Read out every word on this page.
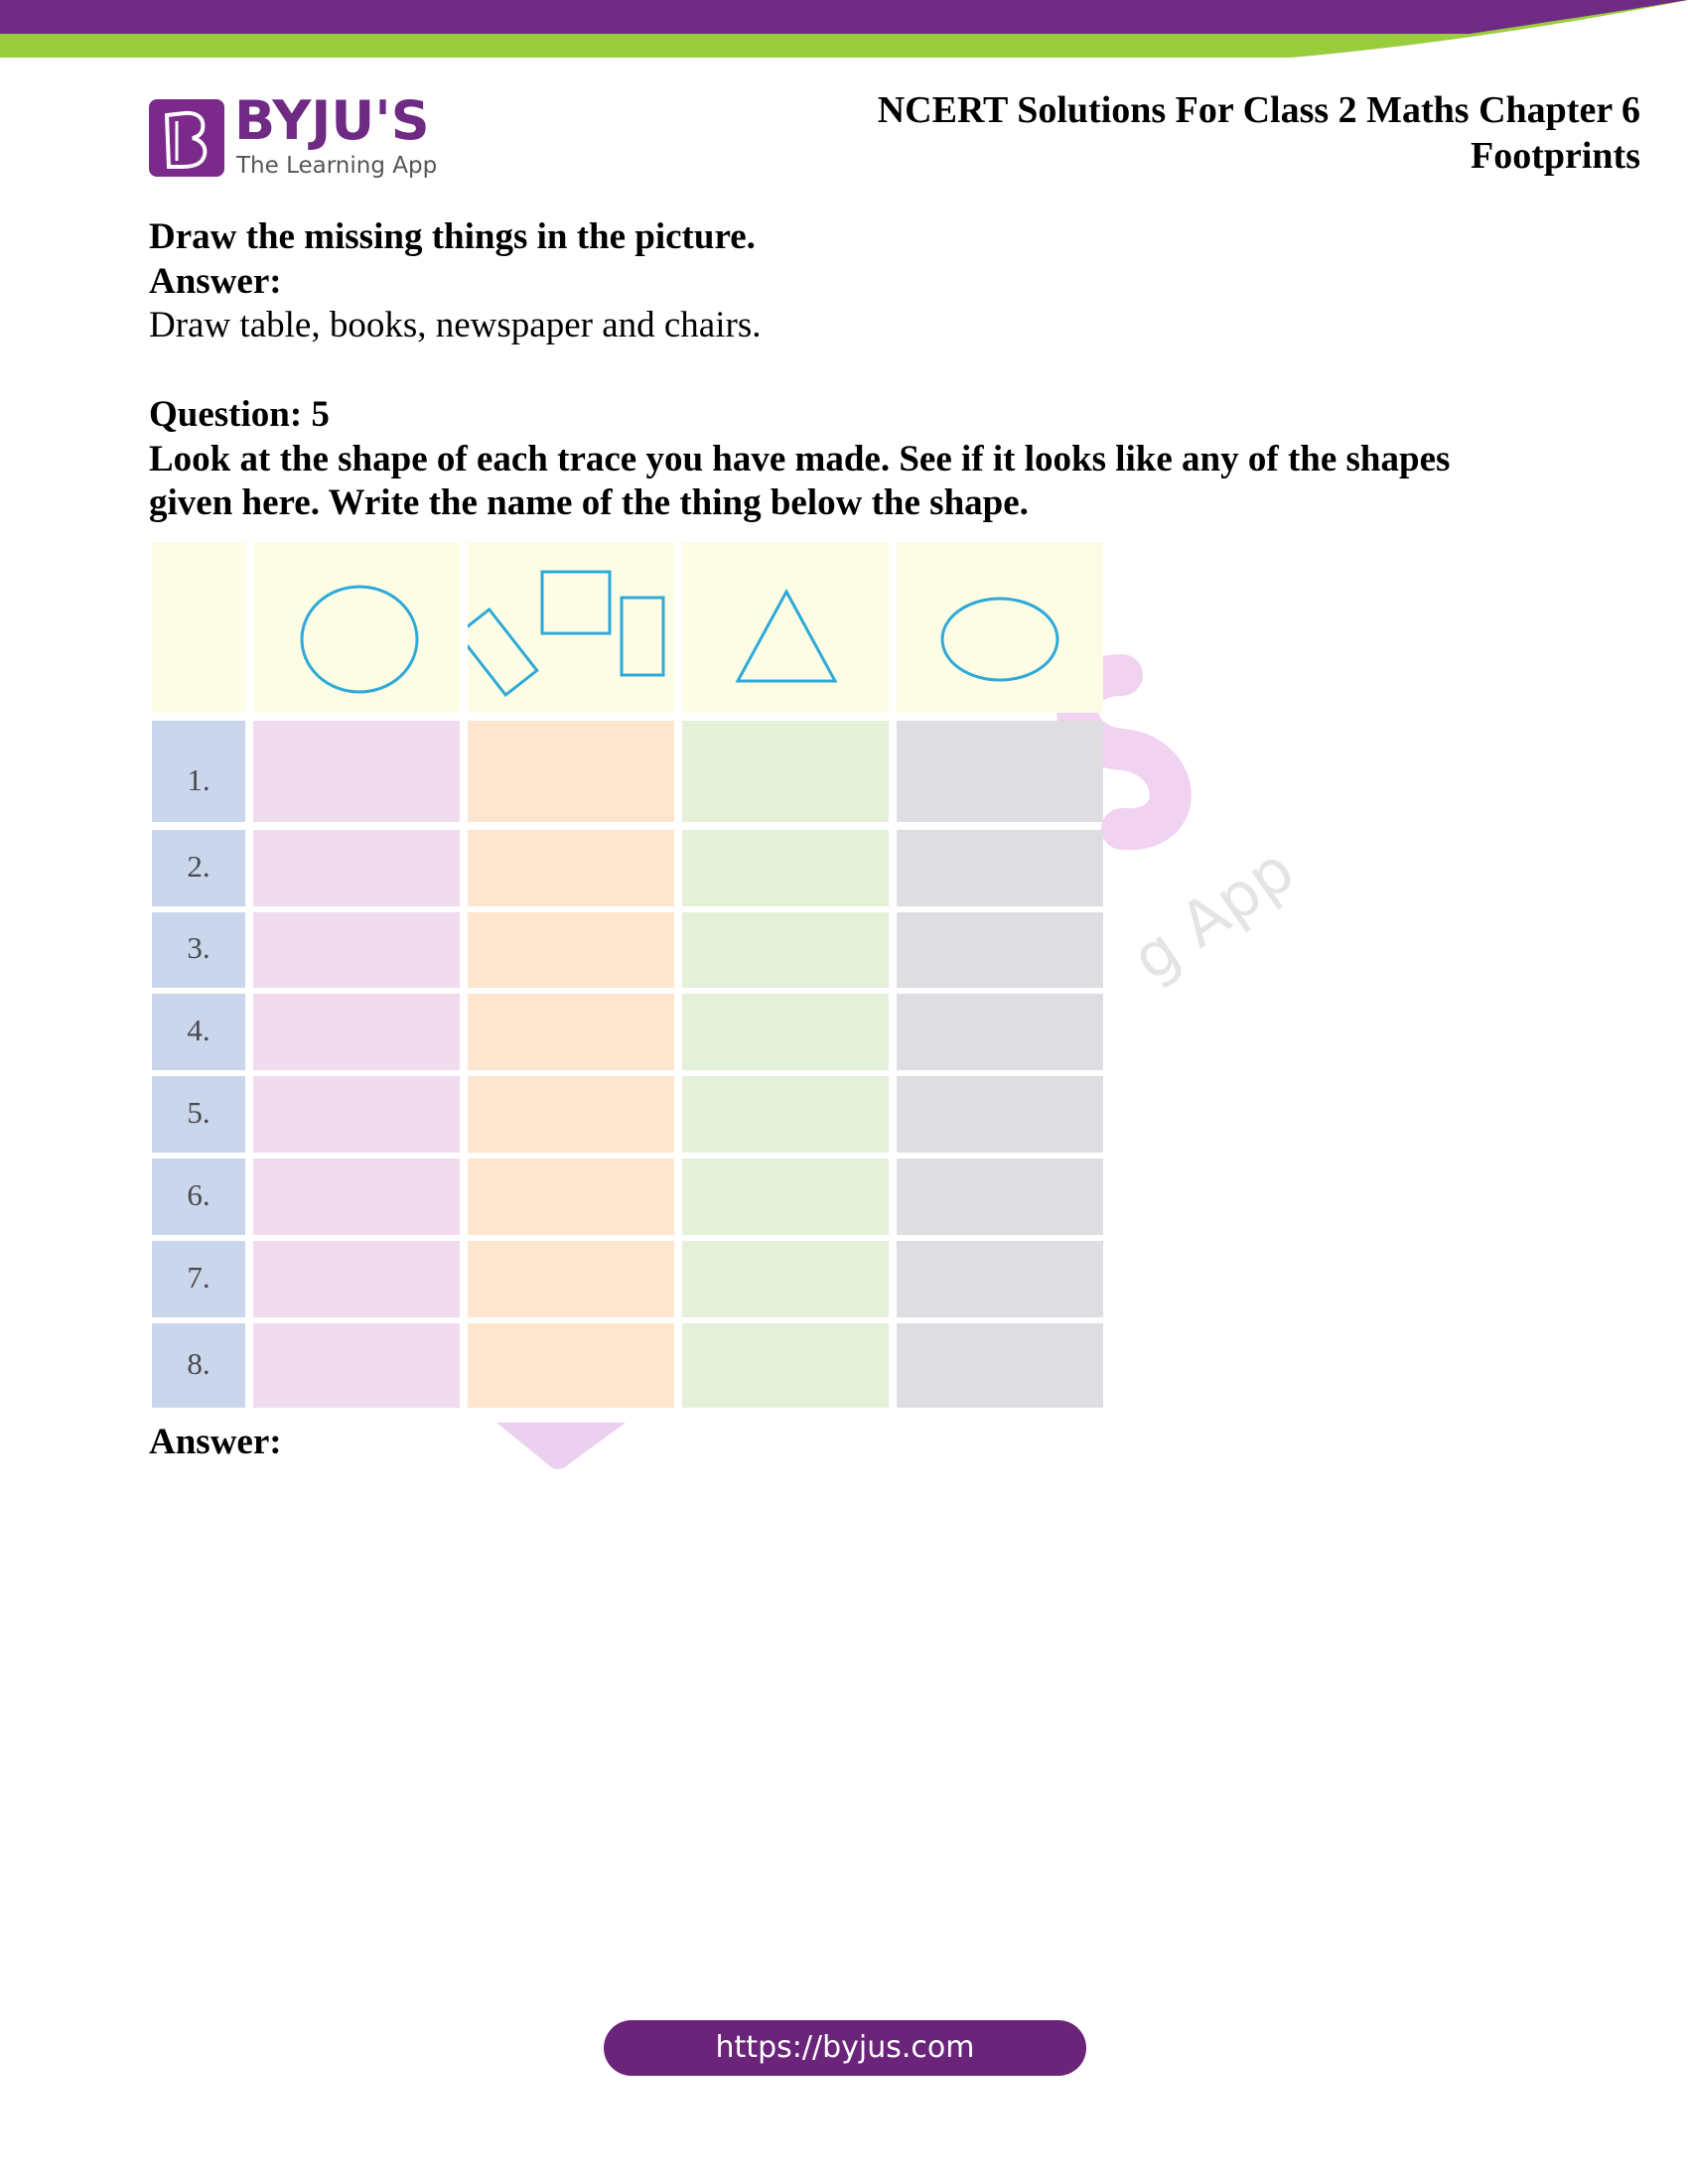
BYJU'S
The Learning App
NCERT Solutions For Class 2 Maths Chapter 6
Footprints
Draw the missing things in the picture.
Answer:
Draw table, books, newspaper and chairs.
Question: 5
Look at the shape of each trace you have made. See if it looks like any of the shapes
given here. Write the name of the thing below the shape.
g App
1.
2.
3.
4.
5.
6.
7.
8.
Answer:
https://byjus.com
